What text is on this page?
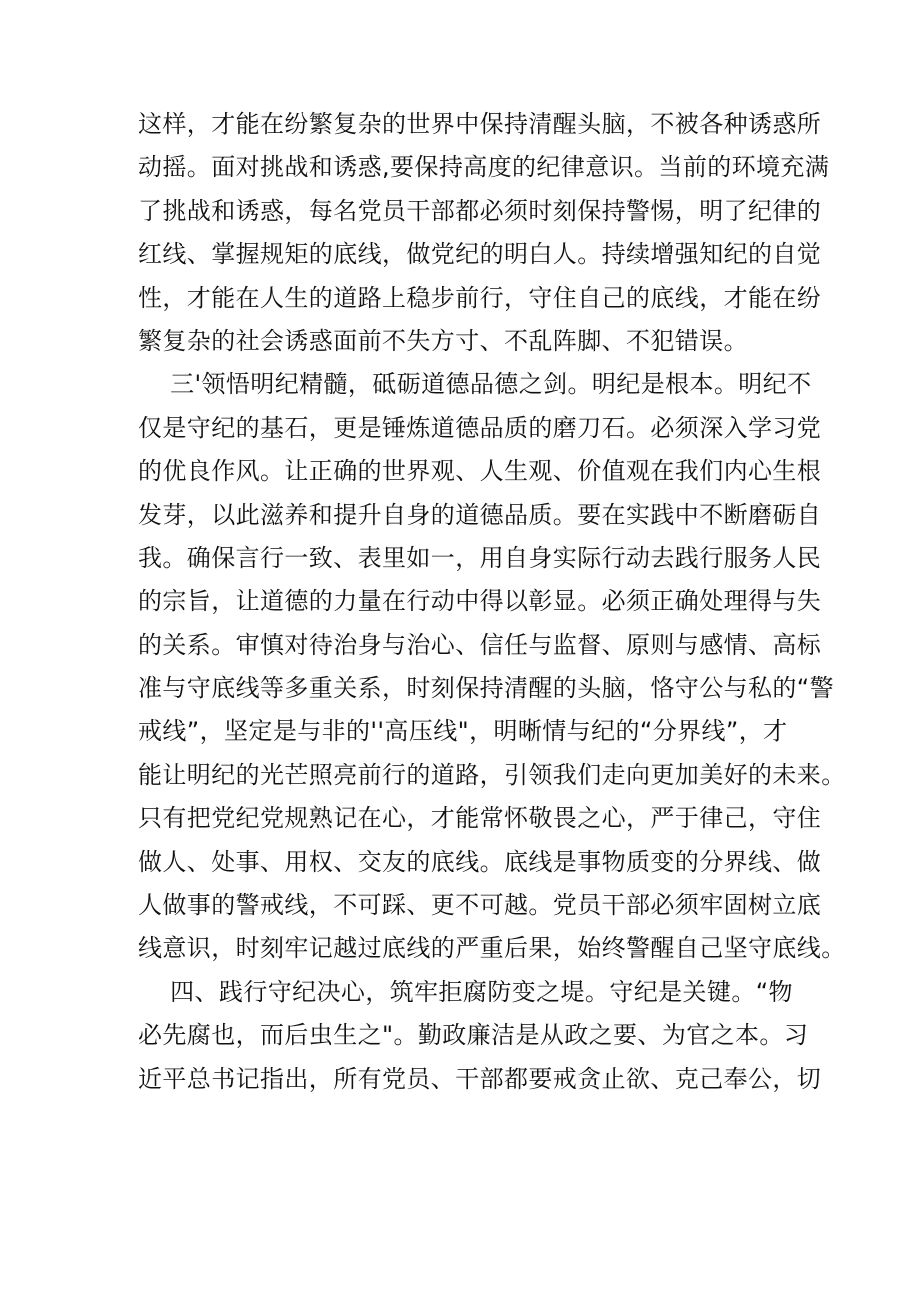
这样，才能在纷繁复杂的世界中保持清醒头脑，不被各种诱惑所
动摇。面对挑战和诱惑,要保持高度的纪律意识。当前的环境充满
了挑战和诱惑，每名党员干部都必须时刻保持警惕，明了纪律的
红线、掌握规矩的底线，做党纪的明白人。持续增强知纪的自觉
性，才能在人生的道路上稳步前行，守住自己的底线，才能在纷
繁复杂的社会诱惑面前不失方寸、不乱阵脚、不犯错误。
三'领悟明纪精髓，砥砺道德品德之剑。明纪是根本。明纪不
仅是守纪的基石，更是锤炼道德品质的磨刀石。必须深入学习党
的优良作风。让正确的世界观、人生观、价值观在我们内心生根
发芽，以此滋养和提升自身的道德品质。要在实践中不断磨砺自
我。确保言行一致、表里如一，用自身实际行动去践行服务人民
的宗旨，让道德的力量在行动中得以彰显。必须正确处理得与失
的关系。审慎对待治身与治心、信任与监督、原则与感情、高标
准与守底线等多重关系，时刻保持清醒的头脑，恪守公与私的“警
戒线”，坚定是与非的''高压线"，明晰情与纪的“分界线”，才
能让明纪的光芒照亮前行的道路，引领我们走向更加美好的未来。
只有把党纪党规熟记在心，才能常怀敬畏之心，严于律己，守住
做人、处事、用权、交友的底线。底线是事物质变的分界线、做
人做事的警戒线，不可踩、更不可越。党员干部必须牢固树立底
线意识，时刻牢记越过底线的严重后果，始终警醒自己坚守底线。
四、践行守纪决心，筑牢拒腐防变之堤。守纪是关键。“物
必先腐也，而后虫生之"。勤政廉洁是从政之要、为官之本。习
近平总书记指出，所有党员、干部都要戒贪止欲、克己奉公，切
